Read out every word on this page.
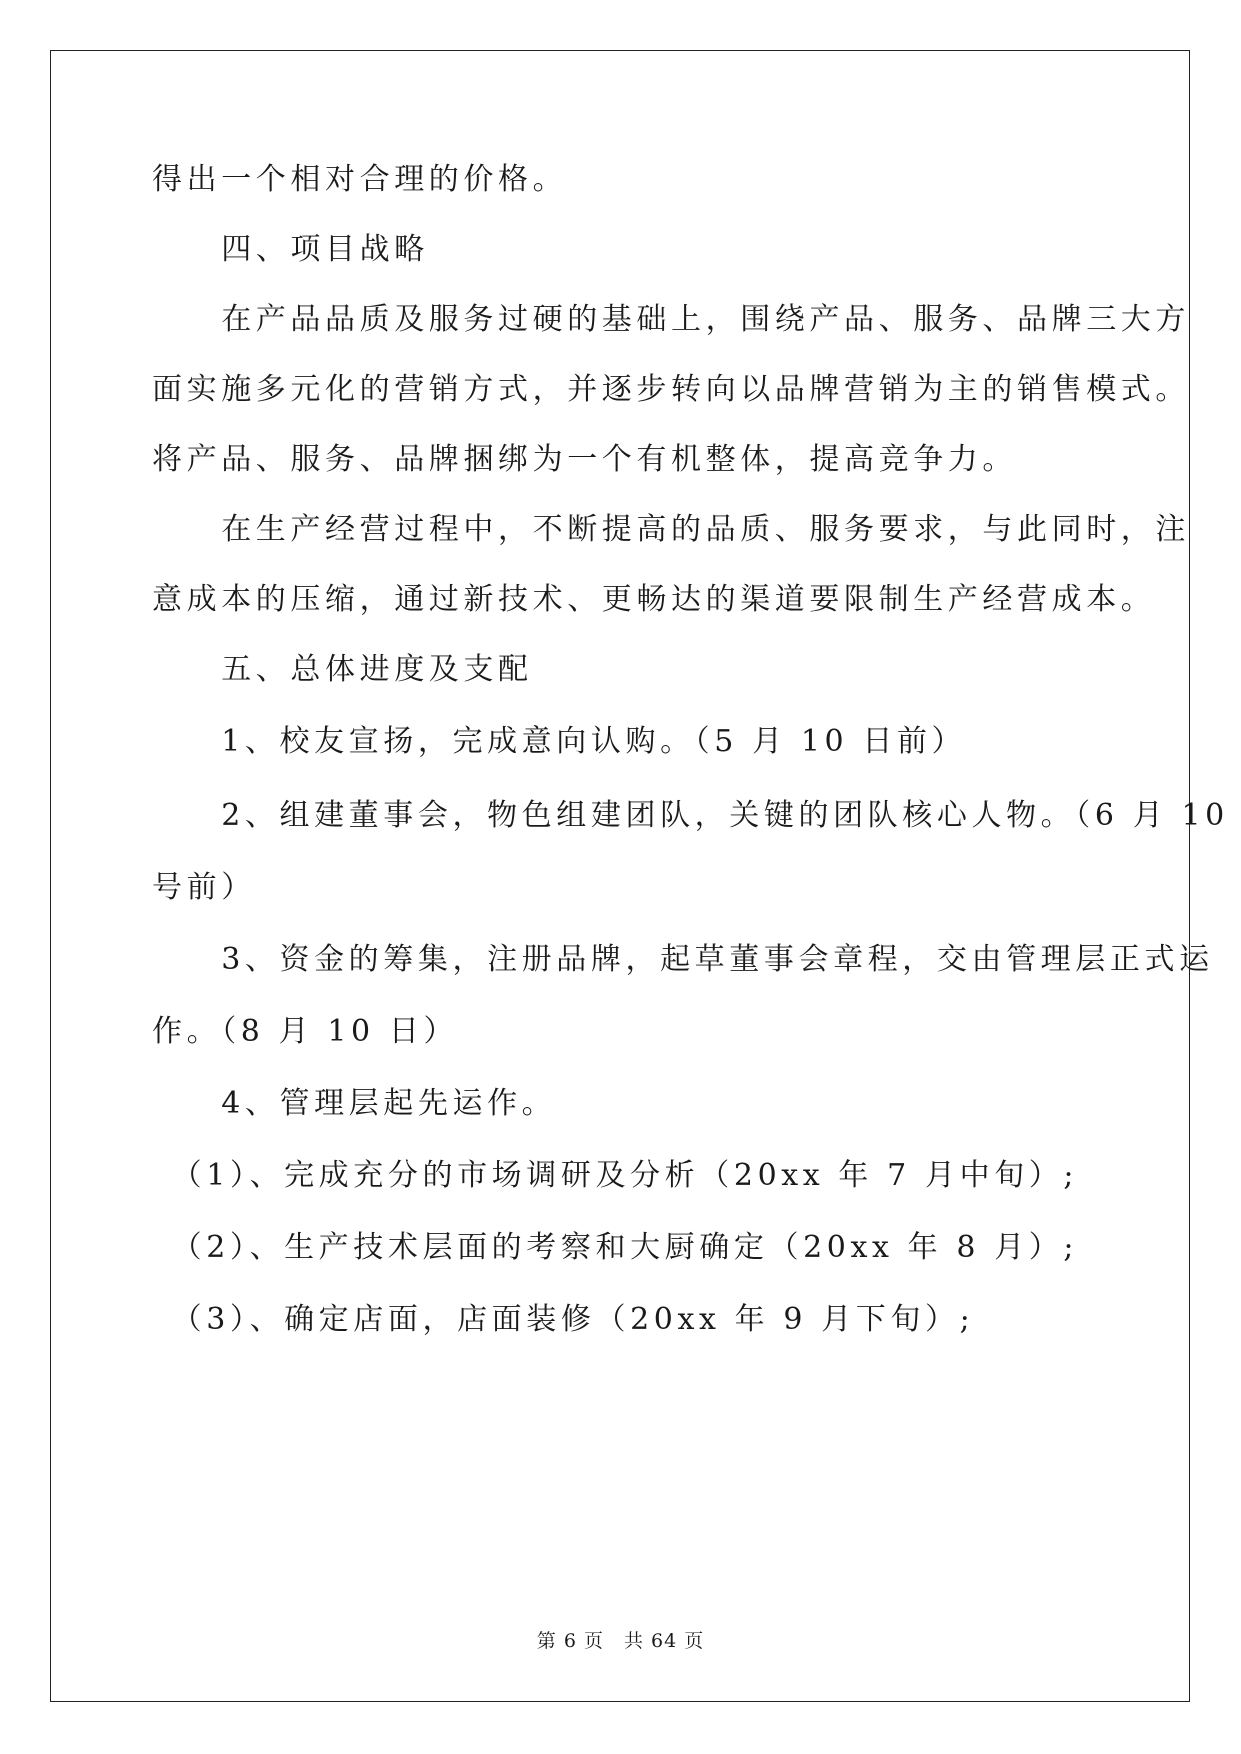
得出一个相对合理的价格。
　　四、项目战略
　　在产品品质及服务过硬的基础上，围绕产品、服务、品牌三大方
面实施多元化的营销方式，并逐步转向以品牌营销为主的销售模式。
将产品、服务、品牌捆绑为一个有机整体，提高竞争力。
　　在生产经营过程中，不断提高的品质、服务要求，与此同时，注
意成本的压缩，通过新技术、更畅达的渠道要限制生产经营成本。
　　五、总体进度及支配
　　1、校友宣扬，完成意向认购。（5 月 10 日前）
　　2、组建董事会，物色组建团队，关键的团队核心人物。（6 月 10
号前）
　　3、资金的筹集，注册品牌，起草董事会章程，交由管理层正式运
作。（8 月 10 日）
　　4、管理层起先运作。
　（1）、完成充分的市场调研及分析（20xx 年 7 月中旬）;
　（2）、生产技术层面的考察和大厨确定（20xx 年 8 月）;
　（3）、确定店面，店面装修（20xx 年 9 月下旬）;
第 6 页　共 64 页
